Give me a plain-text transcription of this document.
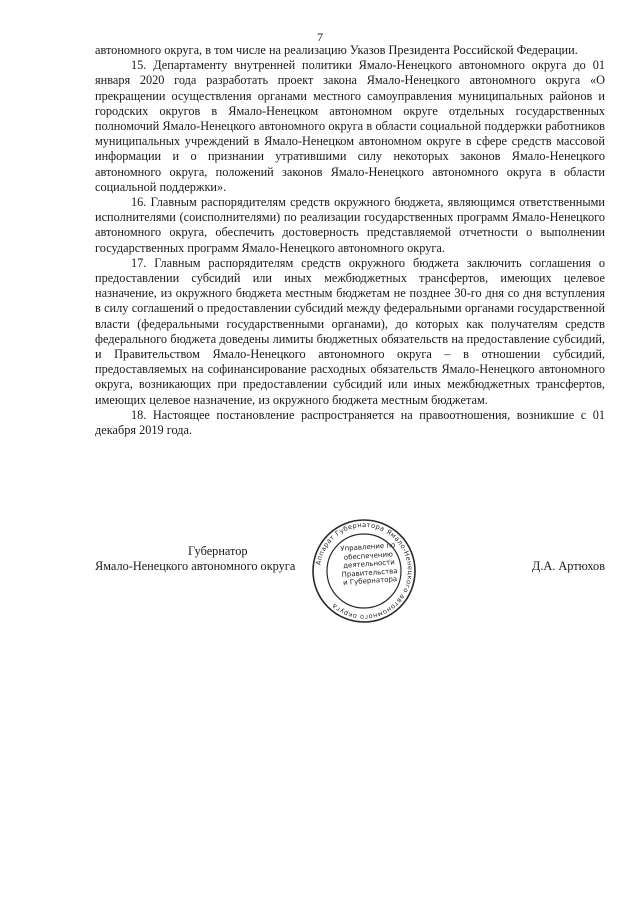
7

автономного округа, в том числе на реализацию Указов Президента Российской Федерации.

15. Департаменту внутренней политики Ямало-Ненецкого автономного округа до 01 января 2020 года разработать проект закона Ямало-Ненецкого автономного округа «О прекращении осуществления органами местного самоуправления муниципальных районов и городских округов в Ямало-Ненецком автономном округе отдельных государственных полномочий Ямало-Ненецкого автономного округа в области социальной поддержки работников муниципальных учреждений в Ямало-Ненецком автономном округе в сфере средств массовой информации и о признании утратившими силу некоторых законов Ямало-Ненецкого автономного округа, положений законов Ямало-Ненецкого автономного округа в области социальной поддержки».

16. Главным распорядителям средств окружного бюджета, являющимся ответственными исполнителями (соисполнителями) по реализации государственных программ Ямало-Ненецкого автономного округа, обеспечить достоверность представляемой отчетности о выполнении государственных программ Ямало-Ненецкого автономного округа.

17. Главным распорядителям средств окружного бюджета заключить соглашения о предоставлении субсидий или иных межбюджетных трансфертов, имеющих целевое назначение, из окружного бюджета местным бюджетам не позднее 30-го дня со дня вступления в силу соглашений о предоставлении субсидий между федеральными органами государственной власти (федеральными государственными органами), до которых как получателям средств федерального бюджета доведены лимиты бюджетных обязательств на предоставление субсидий, и Правительством Ямало-Ненецкого автономного округа – в отношении субсидий, предоставляемых на софинансирование расходных обязательств Ямало-Ненецкого автономного округа, возникающих при предоставлении субсидий или иных межбюджетных трансфертов, имеющих целевое назначение, из окружного бюджета местным бюджетам.

18. Настоящее постановление распространяется на правоотношения, возникшие с 01 декабря 2019 года.

Губернатор
Ямало-Ненецкого автономного округа	Аппарат Губернатора Ямало-Ненецкого автономного округа
Управление по обеспечению деятельности Правительства и Губернатора
Д.А. Артюхов
